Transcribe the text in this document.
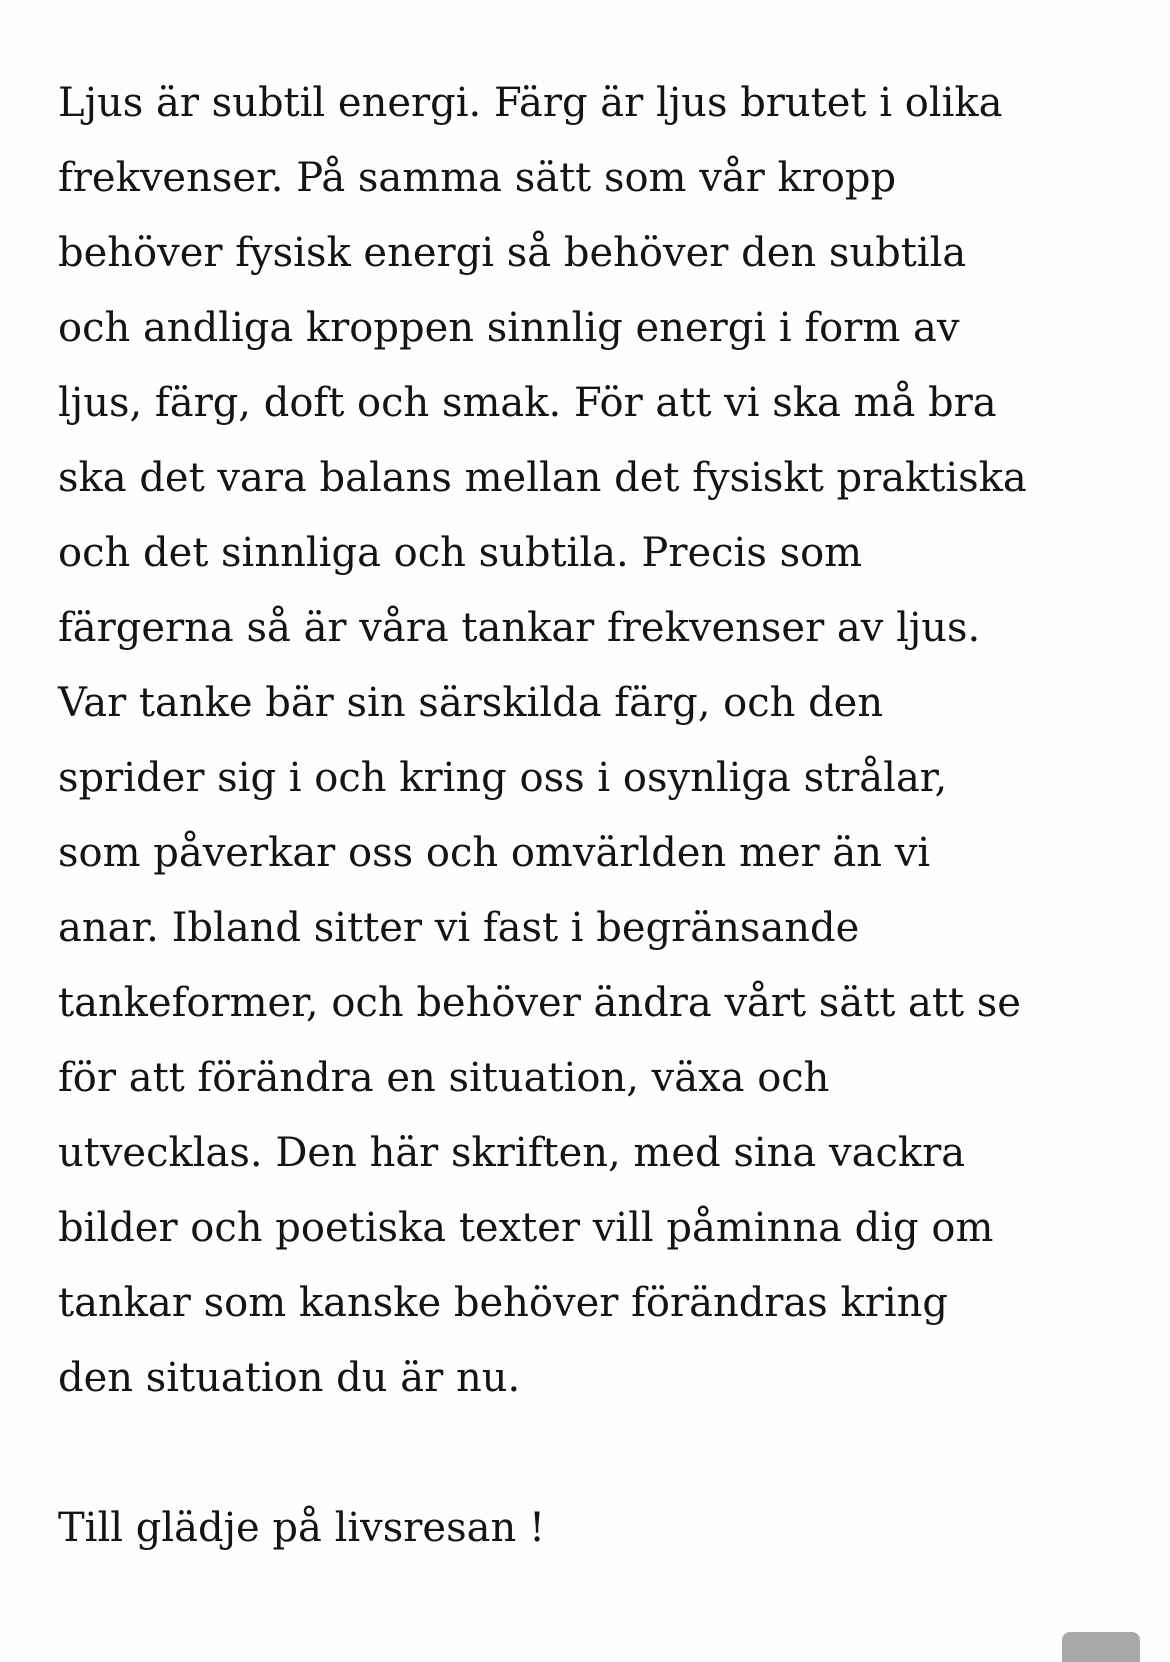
Ljus är subtil energi. Färg är ljus brutet i olika
frekvenser. På samma sätt som vår kropp
behöver fysisk energi så behöver den subtila
och andliga kroppen sinnlig energi i form av
ljus, färg, doft och smak. För att vi ska må bra
ska det vara balans mellan det fysiskt praktiska
och det sinnliga och subtila. Precis som
färgerna så är våra tankar frekvenser av ljus.
Var tanke bär sin särskilda färg, och den
sprider sig i och kring oss i osynliga strålar,
som påverkar oss och omvärlden mer än vi
anar. Ibland sitter vi fast i begränsande
tankeformer, och behöver ändra vårt sätt att se
för att förändra en situation, växa och
utvecklas. Den här skriften, med sina vackra
bilder och poetiska texter vill påminna dig om
tankar som kanske behöver förändras kring
den situation du är nu.

Till glädje på livsresan !
